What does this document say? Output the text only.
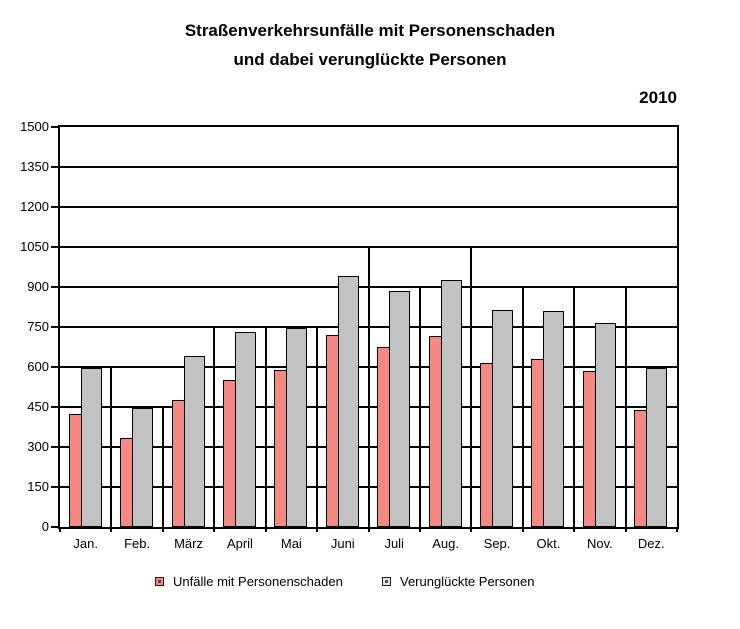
Straßenverkehrsunfälle mit Personenschaden
und dabei verunglückte Personen
2010
0
150
300
450
600
750
900
1050
1200
1350
1500
Jan.	Feb.	März	April	Mai	Juni	Juli	Aug.	Sep.	Okt.	Nov.	Dez.
Unfälle mit Personenschaden	Verunglückte Personen
